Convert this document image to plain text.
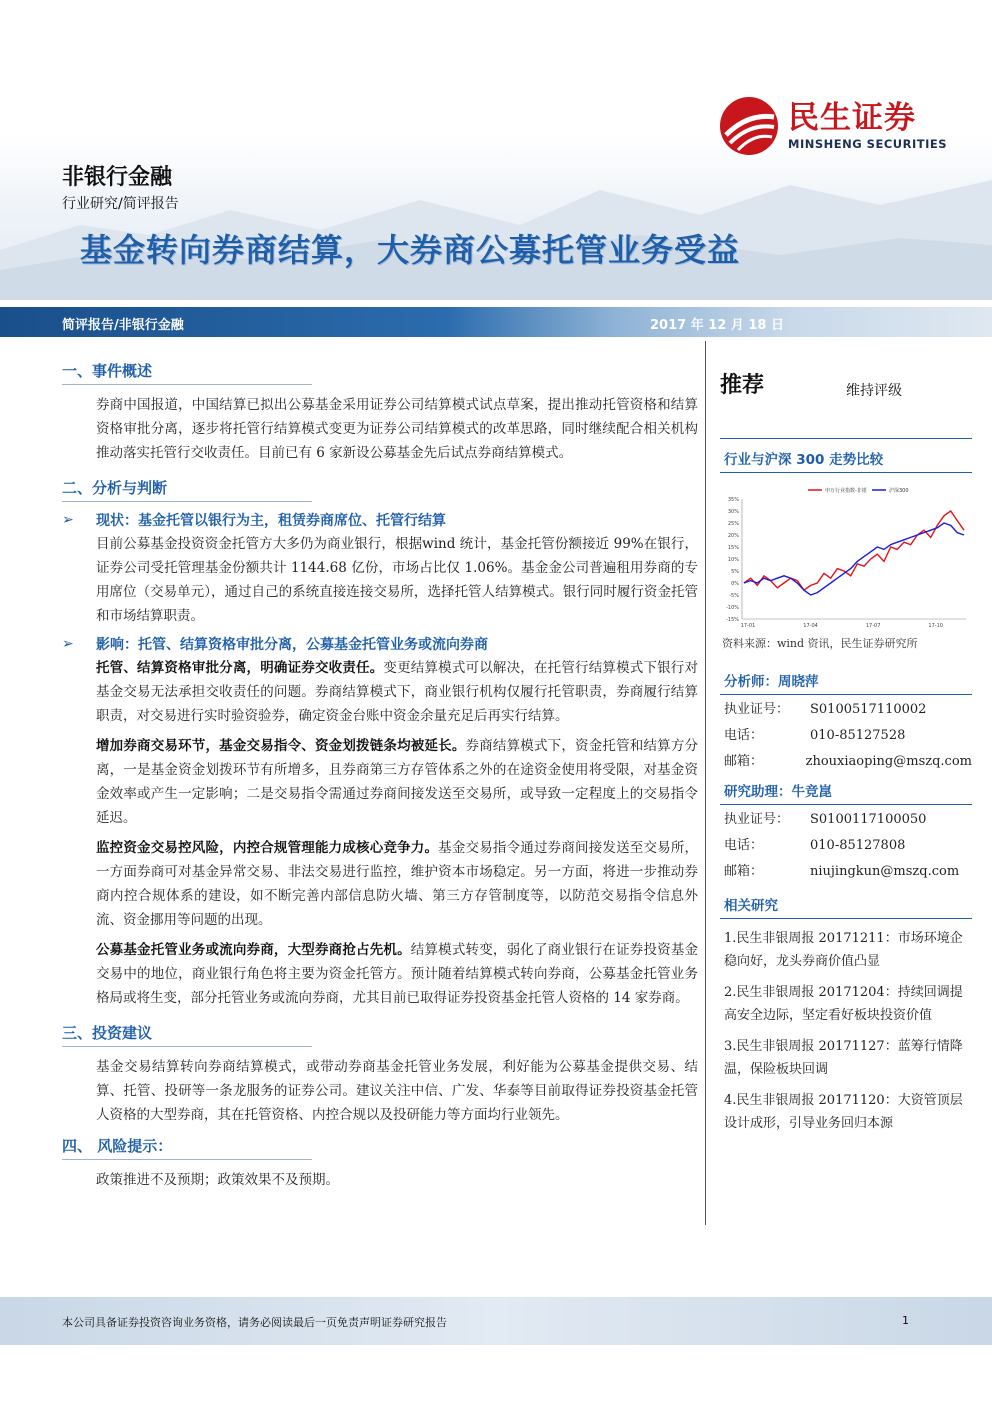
民生证券
MINSHENG SECURITIES
非银行金融
行业研究/简评报告
基金转向券商结算，大券商公募托管业务受益
简评报告/非银行金融	2017 年 12 月 18 日
一、事件概述

券商中国报道，中国结算已拟出公募基金采用证券公司结算模式试点草案，提出推动托管资格和结算资格审批分离，逐步将托管行结算模式变更为证券公司结算模式的改革思路，同时继续配合相关机构推动落实托管行交收责任。目前已有 6 家新设公募基金先后试点券商结算模式。

二、分析与判断
➢	现状：基金托管以银行为主，租赁券商席位、托管行结算

目前公募基金投资资金托管方大多仍为商业银行，根据wind 统计，基金托管份额接近 99%在银行，证券公司受托管理基金份额共计 1144.68 亿份，市场占比仅 1.06%。基金金公司普遍租用券商的专用席位（交易单元），通过自己的系统直接连接交易所，选择托管人结算模式。银行同时履行资金托管和市场结算职责。

➢	影响：托管、结算资格审批分离，公募基金托管业务或流向券商

托管、结算资格审批分离，明确证券交收责任。变更结算模式可以解决，在托管行结算模式下银行对基金交易无法承担交收责任的问题。券商结算模式下，商业银行机构仅履行托管职责，券商履行结算职责，对交易进行实时验资验券，确定资金台账中资金余量充足后再实行结算。

增加券商交易环节，基金交易指令、资金划拨链条均被延长。券商结算模式下，资金托管和结算方分离，一是基金资金划拨环节有所增多，且券商第三方存管体系之外的在途资金使用将受限，对基金资金效率或产生一定影响；二是交易指令需通过券商间接发送至交易所，或导致一定程度上的交易指令延迟。

监控资金交易控风险，内控合规管理能力成核心竞争力。基金交易指令通过券商间接发送至交易所，一方面券商可对基金异常交易、非法交易进行监控，维护资本市场稳定。另一方面，将进一步推动券商内控合规体系的建设，如不断完善内部信息防火墙、第三方存管制度等，以防范交易指令信息外流、资金挪用等问题的出现。

公募基金托管业务或流向券商，大型券商抢占先机。结算模式转变，弱化了商业银行在证券投资基金交易中的地位，商业银行角色将主要为资金托管方。预计随着结算模式转向券商，公募基金托管业务格局或将生变，部分托管业务或流向券商，尤其目前已取得证券投资基金托管人资格的 14 家券商。

三、投资建议

基金交易结算转向券商结算模式，或带动券商基金托管业务发展，利好能为公募基金提供交易、结算、托管、投研等一条龙服务的证券公司。建议关注中信、广发、华泰等目前取得证券投资基金托管人资格的大型券商，其在托管资格、内控合规以及投研能力等方面均行业领先。

四、 风险提示：

政策推进不及预期；政策效果不及预期。

推荐	维持评级
行业与沪深 300 走势比较
35%
30%
25%
20%
15%
10%
5%
0%
-5%
-10%
-15%
17-01	17-04	17-07	17-10
申万行业指数-非银	沪深300
资料来源：wind 资讯，民生证券研究所
分析师：周晓萍
执业证号：	S0100517110002
电话：	010-85127528
邮箱：	zhouxiaoping@mszq.com
研究助理：牛竞崑
执业证号：	S0100117100050
电话：	010-85127808
邮箱：	niujingkun@mszq.com
相关研究
1.民生非银周报 20171211：市场环境企稳向好，龙头券商价值凸显
2.民生非银周报 20171204：持续回调提高安全边际，坚定看好板块投资价值
3.民生非银周报 20171127：蓝筹行情降温，保险板块回调
4.民生非银周报 20171120：大资管顶层设计成形，引导业务回归本源
本公司具备证券投资咨询业务资格，请务必阅读最后一页免责声明证券研究报告	1
